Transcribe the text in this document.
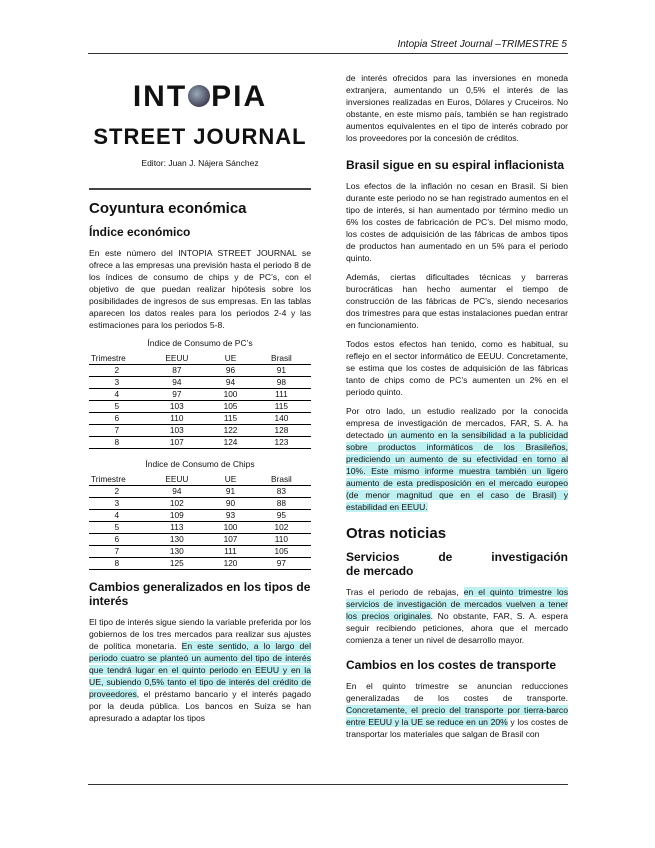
Intopia Street Journal –TRIMESTRE 5
INT PIA
STREET JOURNAL
Editor: Juan J. Nájera Sánchez
Coyuntura económica
Índice económico

En este número del INTOPIA STREET JOURNAL se ofrece a las empresas una previsión hasta el periodo 8 de los índices de consumo de chips y de PC’s, con el objetivo de que puedan realizar hipótesis sobre los posibilidades de ingresos de sus empresas. En las tablas aparecen los datos reales para los periodos 2-4 y las estimaciones para los periodos 5-8.

Índice de Consumo de PC’s
Trimestre	EEUU	UE	Brasil
2	87	96	91
3	94	94	98
4	97	100	111
5	103	105	115
6	110	115	140
7	103	122	128
8	107	124	123
Índice de Consumo de Chips
Trimestre	EEUU	UE	Brasil
2	94	91	83
3	102	90	88
4	109	93	95
5	113	100	102
6	130	107	110
7	130	111	105
8	125	120	97
Cambios generalizados en los tipos de interés

El tipo de interés sigue siendo la variable preferida por los gobiernos de los tres mercados para realizar sus ajustes de política monetaria. En este sentido, a lo largo del periodo cuatro se planteó un aumento del tipo de interés que tendrá lugar en el quinto periodo en EEUU y en la UE, subiendo 0,5% tanto el tipo de interés del crédito de proveedores, el préstamo bancario y el interés pagado por la deuda pública. Los bancos en Suiza se han apresurado a adaptar los tipos

de interés ofrecidos para las inversiones en moneda extranjera, aumentando un 0,5% el interés de las inversiones realizadas en Euros, Dólares y Cruceiros. No obstante, en este mismo país, también se han registrado aumentos equivalentes en el tipo de interés cobrado por los proveedores por la concesión de créditos.

Brasil sigue en su espiral inflacionista

Los efectos de la inflación no cesan en Brasil. Si bien durante este periodo no se han registrado aumentos en el tipo de interés, si han aumentado por término medio un 6% los costes de fabricación de PC’s. Del mismo modo, los costes de adquisición de las fábricas de ambos tipos de productos han aumentado en un 5% para el periodo quinto.

Además, ciertas dificultades técnicas y barreras burocráticas han hecho aumentar el tiempo de construcción de las fábricas de PC’s, siendo necesarios dos trimestres para que estas instalaciones puedan entrar en funcionamiento.

Todos estos efectos han tenido, como es habitual, su reflejo en el sector informático de EEUU. Concretamente, se estima que los costes de adquisición de las fábricas tanto de chips como de PC’s aumenten un 2% en el periodo quinto.

Por otro lado, un estudio realizado por la conocida empresa de investigación de mercados, FAR, S. A. ha detectado un aumento en la sensibilidad a la publicidad sobre productos informáticos de los Brasileños, prediciendo un aumento de su efectividad en torno al 10%. Este mismo informe muestra también un ligero aumento de esta predisposición en el mercado europeo (de menor magnitud que en el caso de Brasil) y estabilidad en EEUU.

Otras noticias
Servicios de investigación
de mercado

Tras el periodo de rebajas, en el quinto trimestre los servicios de investigación de mercados vuelven a tener los precios originales. No obstante, FAR, S. A. espera seguir recibiendo peticiones, ahora que el mercado comienza a tener un nivel de desarrollo mayor.

Cambios en los costes de transporte

En el quinto trimestre se anuncian reducciones generalizadas de los costes de transporte. Concretamente, el precio del transporte por tierra-barco entre EEUU y la UE se reduce en un 20% y los costes de transportar los materiales que salgan de Brasil con
